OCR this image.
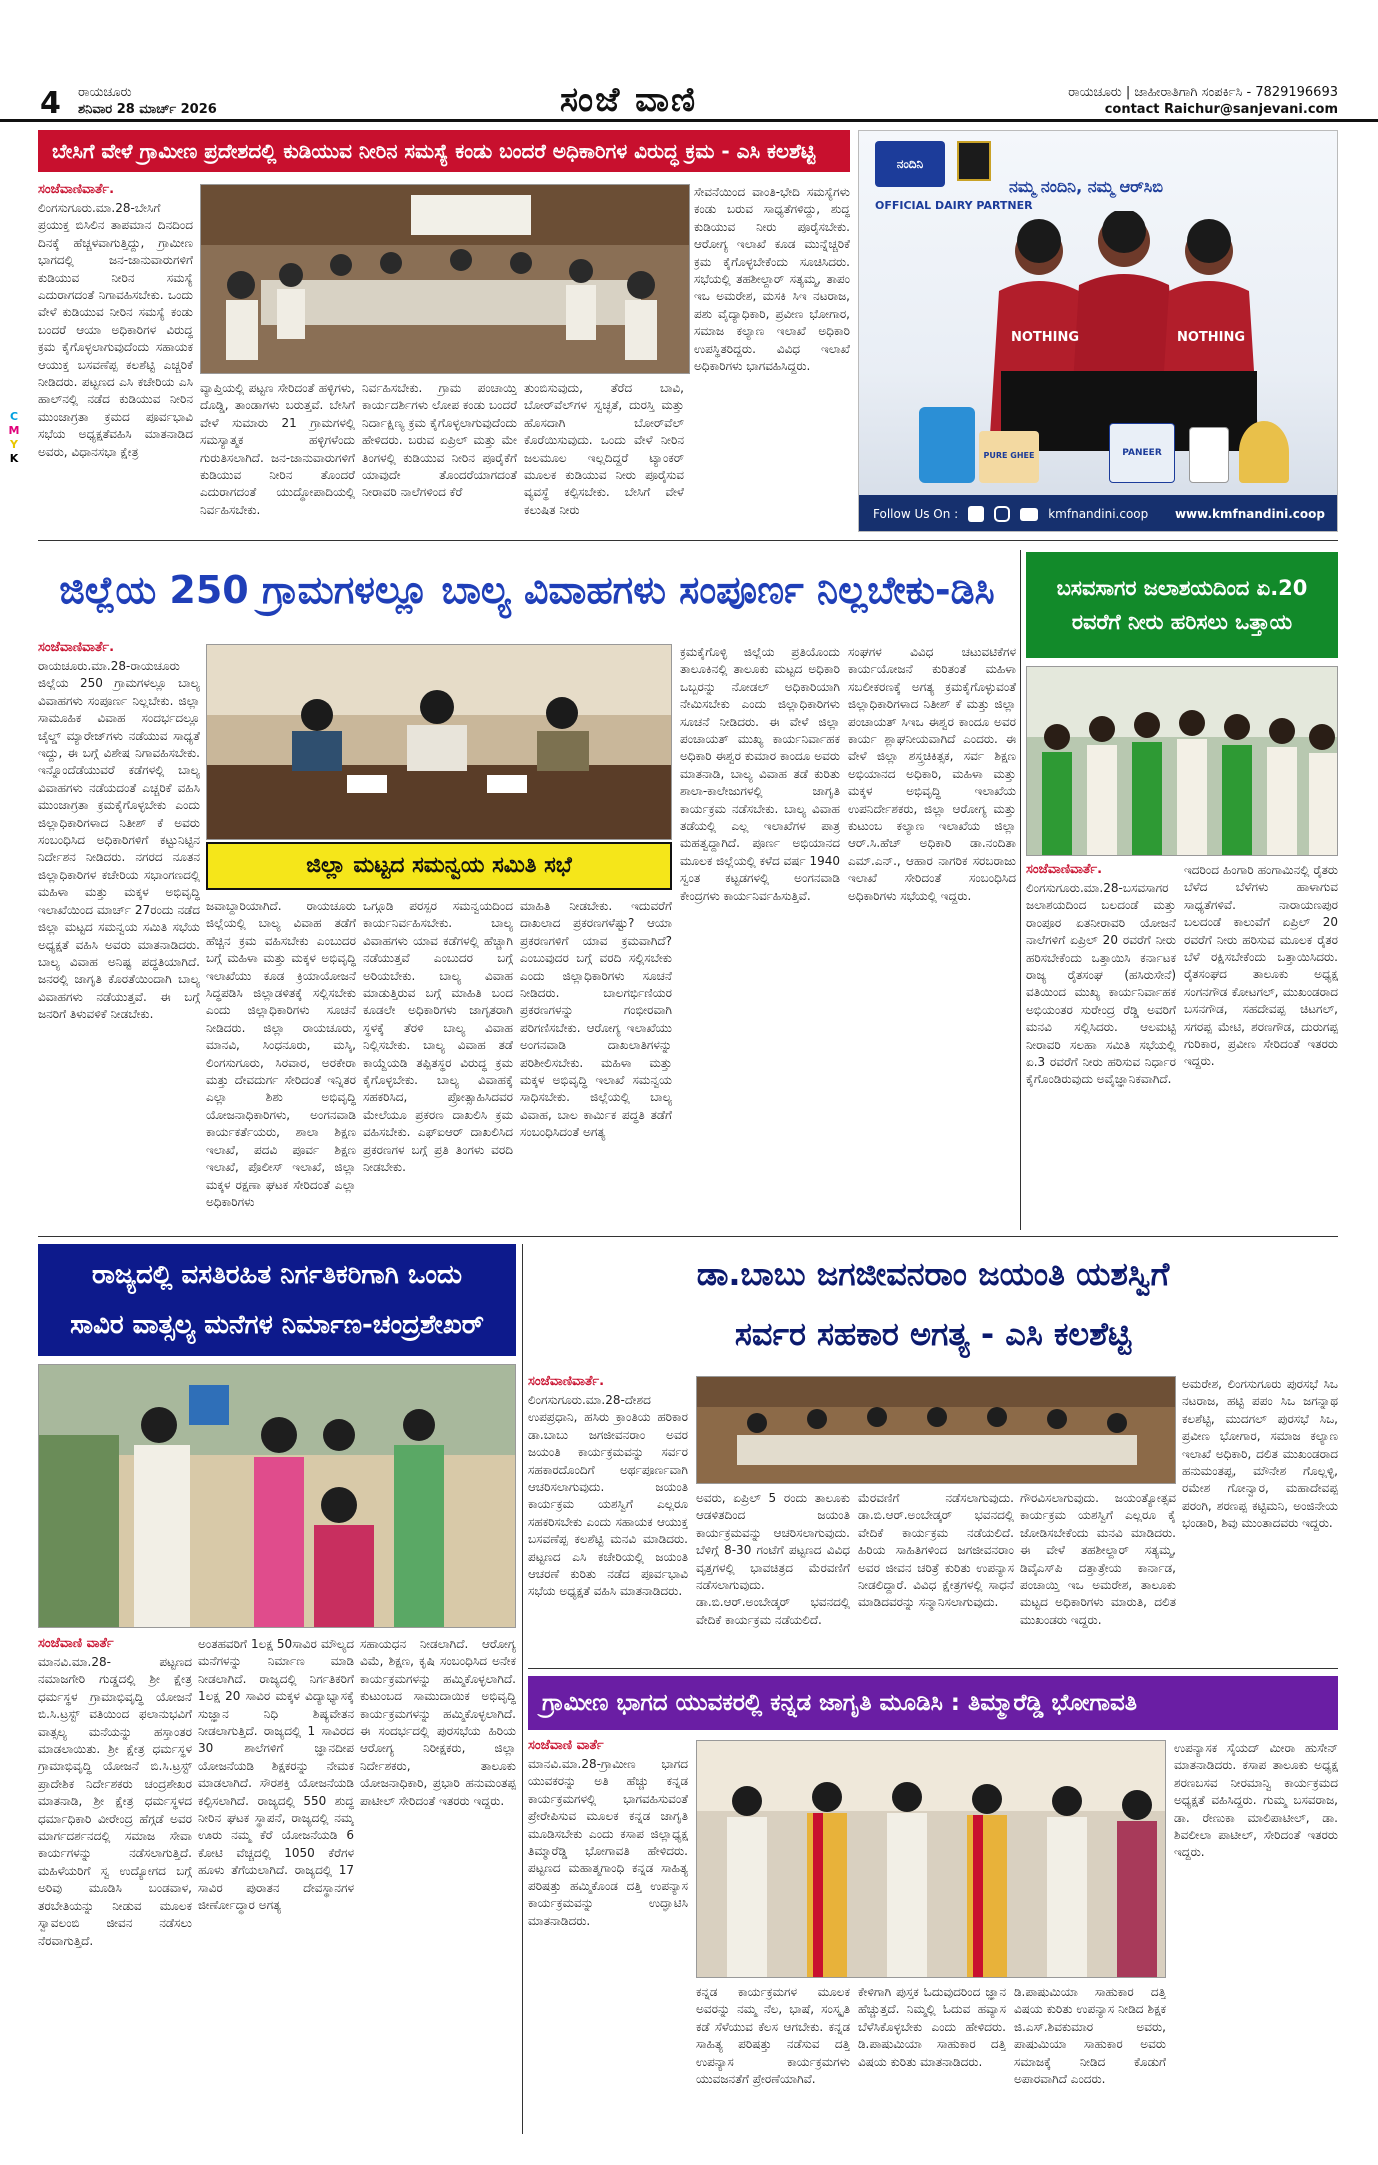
4 ರಾಯಚೂರು
ಶನಿವಾರ 28 ಮಾರ್ಚ್ 2026	ಸಂಜೆ ವಾಣಿ	ರಾಯಚೂರು | ಜಾಹೀರಾತಿಗಾಗಿ ಸಂಪರ್ಕಿಸಿ - 7829196693
contact Raichur@sanjevani.com
C
M
Y
K
ಬೇಸಿಗೆ ವೇಳೆ ಗ್ರಾಮೀಣ ಪ್ರದೇಶದಲ್ಲಿ ಕುಡಿಯುವ ನೀರಿನ ಸಮಸ್ಯೆ ಕಂಡು ಬಂದರೆ ಅಧಿಕಾರಿಗಳ ವಿರುದ್ಧ ಕ್ರಮ - ಎಸಿ ಕಲಶೆಟ್ಟಿ
ಸಂಜೆವಾಣಿವಾರ್ತೆ.
ಲಿಂಗಸುಗೂರು.ಮಾ.28-ಬೇಸಿಗೆ ಪ್ರಯುಕ್ತ ಬಿಸಿಲಿನ ತಾಪಮಾನ ದಿನದಿಂದ ದಿನಕ್ಕೆ ಹೆಚ್ಚಳವಾಗುತ್ತಿದ್ದು, ಗ್ರಾಮೀಣ ಭಾಗದಲ್ಲಿ ಜನ-ಜಾನುವಾರುಗಳಿಗೆ ಕುಡಿಯುವ ನೀರಿನ ಸಮಸ್ಯೆ ಎದುರಾಗದಂತೆ ನಿಗಾವಹಿಸಬೇಕು. ಒಂದು ವೇಳೆ ಕುಡಿಯುವ ನೀರಿನ ಸಮಸ್ಯೆ ಕಂಡು ಬಂದರೆ ಆಯಾ ಅಧಿಕಾರಿಗಳ ವಿರುದ್ಧ ಕ್ರಮ ಕೈಗೊಳ್ಳಲಾಗುವುದೆಂದು ಸಹಾಯಕ ಆಯುಕ್ತ ಬಸವಣೆಪ್ಪ ಕಲಶೆಟ್ಟಿ ಎಚ್ಚರಿಕೆ ನೀಡಿದರು. ಪಟ್ಟಣದ ಎಸಿ ಕಚೇರಿಯ ಎಸಿ ಹಾಲ್‌ನಲ್ಲಿ ನಡೆದ ಕುಡಿಯುವ ನೀರಿನ ಮುಂಜಾಗ್ರತಾ ಕ್ರಮದ ಪೂರ್ವಭಾವಿ ಸಭೆಯ ಅಧ್ಯಕ್ಷತೆವಹಿಸಿ ಮಾತನಾಡಿದ ಅವರು, ವಿಧಾನಸಭಾ ಕ್ಷೇತ್ರ
ವ್ಯಾಪ್ತಿಯಲ್ಲಿ ಪಟ್ಟಣ ಸೇರಿದಂತೆ ಹಳ್ಳಿಗಳು, ದೊಡ್ಡಿ, ತಾಂಡಾಗಳು ಬರುತ್ತವೆ. ಬೇಸಿಗೆ ವೇಳೆ ಸುಮಾರು 21 ಗ್ರಾಮಗಳಲ್ಲಿ ಸಮಸ್ಯಾತ್ಮಕ ಹಳ್ಳಿಗಳೆಂದು ಗುರುತಿಸಲಾಗಿದೆ. ಜನ-ಜಾನುವಾರುಗಳಿಗೆ ಕುಡಿಯುವ ನೀರಿನ ತೊಂದರೆ ಎದುರಾಗದಂತೆ ಯುದ್ಧೋಪಾದಿಯಲ್ಲಿ ನಿರ್ವಹಿಸಬೇಕು.
ನಿರ್ವಹಿಸಬೇಕು. ಗ್ರಾಮ ಪಂಚಾಯ್ತಿ ಕಾರ್ಯದರ್ಶಿಗಳು ಲೋಪ ಕಂಡು ಬಂದರೆ ನಿರ್ದಾಕ್ಷಿಣ್ಯ ಕ್ರಮ ಕೈಗೊಳ್ಳಲಾಗುವುದೆಂದು ಹೇಳಿದರು. ಬರುವ ಏಪ್ರಿಲ್ ಮತ್ತು ಮೇ ತಿಂಗಳಲ್ಲಿ ಕುಡಿಯುವ ನೀರಿನ ಪೂರೈಕೆಗೆ ಯಾವುದೇ ತೊಂದರೆಯಾಗದಂತೆ ನೀರಾವರಿ ನಾಲೆಗಳಿಂದ ಕೆರೆ
ತುಂಬಿಸುವುದು, ತೆರೆದ ಬಾವಿ, ಬೋರ್‌ವೆಲ್‌ಗಳ ಸ್ವಚ್ಛತೆ, ದುರಸ್ತಿ ಮತ್ತು ಹೊಸದಾಗಿ ಬೋರ್‌ವೆಲ್ ಕೊರೆಯಿಸುವುದು. ಒಂದು ವೇಳೆ ನೀರಿನ ಜಲಮೂಲ ಇಲ್ಲದಿದ್ದರೆ ಟ್ಯಾಂಕರ್ ಮೂಲಕ ಕುಡಿಯುವ ನೀರು ಪೂರೈಸುವ ವ್ಯವಸ್ಥೆ ಕಲ್ಪಿಸಬೇಕು. ಬೇಸಿಗೆ ವೇಳೆ ಕಲುಷಿತ ನೀರು
ಸೇವನೆಯಿಂದ ವಾಂತಿ-ಭೇದಿ ಸಮಸ್ಯೆಗಳು ಕಂಡು ಬರುವ ಸಾಧ್ಯತೆಗಳಿದ್ದು, ಶುದ್ಧ ಕುಡಿಯುವ ನೀರು ಪೂರೈಸಬೇಕು. ಆರೋಗ್ಯ ಇಲಾಖೆ ಕೂಡ ಮುನ್ನೆಚ್ಚರಿಕೆ ಕ್ರಮ ಕೈಗೊಳ್ಳಬೇಕೆಂದು ಸೂಚಿಸಿದರು. ಸಭೆಯಲ್ಲಿ ತಹಶೀಲ್ದಾರ್ ಸತ್ಯಮ್ಮ, ತಾಪಂ ಇಒ ಅಮರೇಶ, ಮಸಕಿ ಸಿಇ ನಟರಾಜ, ಪಶು ವೈದ್ಯಾಧಿಕಾರಿ, ಪ್ರವೀಣ ಭೋಗಾರ, ಸಮಾಜ ಕಲ್ಯಾಣ ಇಲಾಖೆ ಅಧಿಕಾರಿ ಉಪಸ್ಥಿತರಿದ್ದರು. ವಿವಿಧ ಇಲಾಖೆ ಅಧಿಕಾರಿಗಳು ಭಾಗವಹಿಸಿದ್ದರು.
ನಂದಿನಿ
OFFICIAL DAIRY PARTNER
ನಮ್ಮ ನಂದಿನಿ, ನಮ್ಮ ಆರ್‌ಸಿಬಿ
NOTHING	NOTHING
PURE GHEE	PANEER
Follow Us On :	kmfnandini.coop www.kmfnandini.coop
ಜಿಲ್ಲೆಯ 250 ಗ್ರಾಮಗಳಲ್ಲೂ ಬಾಲ್ಯ ವಿವಾಹಗಳು ಸಂಪೂರ್ಣ ನಿಲ್ಲಬೇಕು-ಡಿಸಿ
ಸಂಜೆವಾಣಿವಾರ್ತೆ.
ರಾಯಚೂರು.ಮಾ.28-ರಾಯಚೂರು ಜಿಲ್ಲೆಯ 250 ಗ್ರಾಮಗಳಲ್ಲೂ ಬಾಲ್ಯ ವಿವಾಹಗಳು ಸಂಪೂರ್ಣ ನಿಲ್ಲಬೇಕು. ಜಿಲ್ಲಾ ಸಾಮೂಹಿಕ ವಿವಾಹ ಸಂದರ್ಭದಲ್ಲೂ ಚೈಲ್ಡ್ ಮ್ಯಾರೇಜ್‌ಗಳು ನಡೆಯುವ ಸಾಧ್ಯತೆ ಇದ್ದು, ಈ ಬಗ್ಗೆ ವಿಶೇಷ ನಿಗಾವಹಿಸಬೇಕು. ಇನ್ನೊಂದೆಡೆಯುವರೆ ಕಡೆಗಳಲ್ಲಿ ಬಾಲ್ಯ ವಿವಾಹಗಳು ನಡೆಯದಂತೆ ಎಚ್ಚರಿಕೆ ವಹಿಸಿ ಮುಂಜಾಗ್ರತಾ ಕ್ರಮಕೈಗೊಳ್ಳಬೇಕು ಎಂದು ಜಿಲ್ಲಾಧಿಕಾರಿಗಳಾದ ನಿತೀಶ್ ಕೆ ಅವರು ಸಂಬಂಧಿಸಿದ ಅಧಿಕಾರಿಗಳಿಗೆ ಕಟ್ಟುನಿಟ್ಟಿನ ನಿರ್ದೇಶನ ನೀಡಿದರು. ನಗರದ ನೂತನ ಜಿಲ್ಲಾಧಿಕಾರಿಗಳ ಕಚೇರಿಯ ಸಭಾಂಗಣದಲ್ಲಿ ಮಹಿಳಾ ಮತ್ತು ಮಕ್ಕಳ ಅಭಿವೃದ್ಧಿ ಇಲಾಖೆಯಿಂದ ಮಾರ್ಚ್ 27ರಂದು ನಡೆದ ಜಿಲ್ಲಾ ಮಟ್ಟದ ಸಮನ್ವಯ ಸಮಿತಿ ಸಭೆಯ ಅಧ್ಯಕ್ಷತೆ ವಹಿಸಿ ಅವರು ಮಾತನಾಡಿದರು. ಬಾಲ್ಯ ವಿವಾಹ ಅನಿಷ್ಟ ಪದ್ಧತಿಯಾಗಿದೆ. ಜನರಲ್ಲಿ ಜಾಗೃತಿ ಕೊರತೆಯಿಂದಾಗಿ ಬಾಲ್ಯ ವಿವಾಹಗಳು ನಡೆಯುತ್ತವೆ. ಈ ಬಗ್ಗೆ ಜನರಿಗೆ ತಿಳುವಳಿಕೆ ನೀಡಬೇಕು.
ಜಿಲ್ಲಾ ಮಟ್ಟದ ಸಮನ್ವಯ ಸಮಿತಿ ಸಭೆ
ಜವಾಬ್ದಾರಿಯಾಗಿದೆ. ರಾಯಚೂರು ಜಿಲ್ಲೆಯಲ್ಲಿ ಬಾಲ್ಯ ವಿವಾಹ ತಡೆಗೆ ಹೆಚ್ಚಿನ ಕ್ರಮ ವಹಿಸಬೇಕು ಎಂಬುದರ ಬಗ್ಗೆ ಮಹಿಳಾ ಮತ್ತು ಮಕ್ಕಳ ಅಭಿವೃದ್ಧಿ ಇಲಾಖೆಯು ಕೂಡ ಕ್ರಿಯಾಯೋಜನೆ ಸಿದ್ಧಪಡಿಸಿ ಜಿಲ್ಲಾಡಳಿತಕ್ಕೆ ಸಲ್ಲಿಸಬೇಕು ಎಂದು ಜಿಲ್ಲಾಧಿಕಾರಿಗಳು ಸೂಚನೆ ನೀಡಿದರು. ಜಿಲ್ಲಾ ರಾಯಚೂರು, ಮಾನವಿ, ಸಿಂಧನೂರು, ಮಸ್ಕಿ, ಲಿಂಗಸುಗೂರು, ಸಿರವಾರ, ಅರಕೇರಾ ಮತ್ತು ದೇವದುರ್ಗ ಸೇರಿದಂತೆ ಇನ್ನಿತರ ಎಲ್ಲಾ ಶಿಶು ಅಭಿವೃದ್ಧಿ ಯೋಜನಾಧಿಕಾರಿಗಳು, ಅಂಗನವಾಡಿ ಕಾರ್ಯಕರ್ತೆಯರು, ಶಾಲಾ ಶಿಕ್ಷಣ ಇಲಾಖೆ, ಪದವಿ ಪೂರ್ವ ಶಿಕ್ಷಣ ಇಲಾಖೆ, ಪೊಲೀಸ್ ಇಲಾಖೆ, ಜಿಲ್ಲಾ ಮಕ್ಕಳ ರಕ್ಷಣಾ ಘಟಕ ಸೇರಿದಂತೆ ಎಲ್ಲಾ ಅಧಿಕಾರಿಗಳು
ಒಗ್ಗೂಡಿ ಪರಸ್ಪರ ಸಮನ್ವಯದಿಂದ ಕಾರ್ಯನಿರ್ವಹಿಸಬೇಕು. ಬಾಲ್ಯ ವಿವಾಹಗಳು ಯಾವ ಕಡೆಗಳಲ್ಲಿ ಹೆಚ್ಚಾಗಿ ನಡೆಯುತ್ತವೆ ಎಂಬುದರ ಬಗ್ಗೆ ಅರಿಯಬೇಕು. ಬಾಲ್ಯ ವಿವಾಹ ಮಾಡುತ್ತಿರುವ ಬಗ್ಗೆ ಮಾಹಿತಿ ಬಂದ ಕೂಡಲೇ ಅಧಿಕಾರಿಗಳು ಜಾಗೃತರಾಗಿ ಸ್ಥಳಕ್ಕೆ ತೆರಳಿ ಬಾಲ್ಯ ವಿವಾಹ ನಿಲ್ಲಿಸಬೇಕು. ಬಾಲ್ಯ ವಿವಾಹ ತಡೆ ಕಾಯ್ದೆಯಡಿ ತಪ್ಪಿತಸ್ಥರ ವಿರುದ್ಧ ಕ್ರಮ ಕೈಗೊಳ್ಳಬೇಕು. ಬಾಲ್ಯ ವಿವಾಹಕ್ಕೆ ಸಹಕರಿಸಿದ, ಪ್ರೋತ್ಸಾಹಿಸಿದವರ ಮೇಲೆಯೂ ಪ್ರಕರಣ ದಾಖಲಿಸಿ ಕ್ರಮ ವಹಿಸಬೇಕು. ಎಫ್‌ಐಆರ್ ದಾಖಲಿಸಿದ ಪ್ರಕರಣಗಳ ಬಗ್ಗೆ ಪ್ರತಿ ತಿಂಗಳು ವರದಿ ನೀಡಬೇಕು.
ಮಾಹಿತಿ ನೀಡಬೇಕು. ಇದುವರೆಗೆ ದಾಖಲಾದ ಪ್ರಕರಣಗಳೆಷ್ಟು? ಆಯಾ ಪ್ರಕರಣಗಳಿಗೆ ಯಾವ ಕ್ರಮವಾಗಿದೆ? ಎಂಬುವುದರ ಬಗ್ಗೆ ವರದಿ ಸಲ್ಲಿಸಬೇಕು ಎಂದು ಜಿಲ್ಲಾಧಿಕಾರಿಗಳು ಸೂಚನೆ ನೀಡಿದರು. ಬಾಲಗರ್ಭಿಣಿಯರ ಪ್ರಕರಣಗಳನ್ನು ಗಂಭೀರವಾಗಿ ಪರಿಗಣಿಸಬೇಕು. ಆರೋಗ್ಯ ಇಲಾಖೆಯು ಅಂಗನವಾಡಿ ದಾಖಲಾತಿಗಳನ್ನು ಪರಿಶೀಲಿಸಬೇಕು. ಮಹಿಳಾ ಮತ್ತು ಮಕ್ಕಳ ಅಭಿವೃದ್ಧಿ ಇಲಾಖೆ ಸಮನ್ವಯ ಸಾಧಿಸಬೇಕು. ಜಿಲ್ಲೆಯಲ್ಲಿ ಬಾಲ್ಯ ವಿವಾಹ, ಬಾಲ ಕಾರ್ಮಿಕ ಪದ್ಧತಿ ತಡೆಗೆ ಸಂಬಂಧಿಸಿದಂತೆ ಅಗತ್ಯ
ಕ್ರಮಕೈಗೊಳ್ಳಿ ಜಿಲ್ಲೆಯ ಪ್ರತಿಯೊಂದು ತಾಲೂಕಿನಲ್ಲಿ ತಾಲೂಕು ಮಟ್ಟದ ಅಧಿಕಾರಿ ಒಬ್ಬರನ್ನು ನೋಡಲ್ ಅಧಿಕಾರಿಯಾಗಿ ನೇಮಿಸಬೇಕು ಎಂದು ಜಿಲ್ಲಾಧಿಕಾರಿಗಳು ಸೂಚನೆ ನೀಡಿದರು. ಈ ವೇಳೆ ಜಿಲ್ಲಾ ಪಂಚಾಯತ್ ಮುಖ್ಯ ಕಾರ್ಯನಿರ್ವಾಹಕ ಅಧಿಕಾರಿ ಈಶ್ವರ ಕುಮಾರ ಕಾಂದೂ ಅವರು ಮಾತನಾಡಿ, ಬಾಲ್ಯ ವಿವಾಹ ತಡೆ ಕುರಿತು ಶಾಲಾ-ಕಾಲೇಜುಗಳಲ್ಲಿ ಜಾಗೃತಿ ಕಾರ್ಯಕ್ರಮ ನಡೆಸಬೇಕು. ಬಾಲ್ಯ ವಿವಾಹ ತಡೆಯಲ್ಲಿ ಎಲ್ಲ ಇಲಾಖೆಗಳ ಪಾತ್ರ ಮಹತ್ವದ್ದಾಗಿದೆ. ಪೂರ್ಣ ಅಭಿಯಾನದ ಮೂಲಕ ಜಿಲ್ಲೆಯಲ್ಲಿ ಕಳೆದ ವರ್ಷ 1940 ಸ್ವಂತ ಕಟ್ಟಡಗಳಲ್ಲಿ ಅಂಗನವಾಡಿ ಕೇಂದ್ರಗಳು ಕಾರ್ಯನಿರ್ವಹಿಸುತ್ತಿವೆ.
ಸಂಘಗಳ ವಿವಿಧ ಚಟುವಟಿಕೆಗಳ ಕಾರ್ಯಯೋಜನೆ ಕುರಿತಂತೆ ಮಹಿಳಾ ಸಬಲೀಕರಣಕ್ಕೆ ಅಗತ್ಯ ಕ್ರಮಕೈಗೊಳ್ಳುವಂತೆ ಜಿಲ್ಲಾಧಿಕಾರಿಗಳಾದ ನಿತೀಶ್ ಕೆ ಮತ್ತು ಜಿಲ್ಲಾ ಪಂಚಾಯತ್ ಸಿಇಒ ಈಶ್ವರ ಕಾಂದೂ ಅವರ ಕಾರ್ಯ ಶ್ಲಾಘನೀಯವಾಗಿದೆ ಎಂದರು. ಈ ವೇಳೆ ಜಿಲ್ಲಾ ಶಸ್ತ್ರಚಿಕಿತ್ಸಕ, ಸರ್ವ ಶಿಕ್ಷಣ ಅಭಿಯಾನದ ಅಧಿಕಾರಿ, ಮಹಿಳಾ ಮತ್ತು ಮಕ್ಕಳ ಅಭಿವೃದ್ಧಿ ಇಲಾಖೆಯ ಉಪನಿರ್ದೇಶಕರು, ಜಿಲ್ಲಾ ಆರೋಗ್ಯ ಮತ್ತು ಕುಟುಂಬ ಕಲ್ಯಾಣ ಇಲಾಖೆಯ ಜಿಲ್ಲಾ ಆರ್.ಸಿ.ಹೆಚ್ ಅಧಿಕಾರಿ ಡಾ.ನಂದಿತಾ ಎಮ್.ಎನ್., ಆಹಾರ ನಾಗರಿಕ ಸರಬರಾಜು ಇಲಾಖೆ ಸೇರಿದಂತೆ ಸಂಬಂಧಿಸಿದ ಅಧಿಕಾರಿಗಳು ಸಭೆಯಲ್ಲಿ ಇದ್ದರು.
ಬಸವಸಾಗರ ಜಲಾಶಯದಿಂದ ಏ.20 ರವರೆಗೆ ನೀರು ಹರಿಸಲು ಒತ್ತಾಯ
ಸಂಜೆವಾಣಿವಾರ್ತೆ.
ಲಿಂಗಸುಗೂರು.ಮಾ.28-ಬಸವಸಾಗರ ಜಲಾಶಯದಿಂದ ಬಲದಂಡೆ ಮತ್ತು ರಾಂಪೂರ ಏತನೀರಾವರಿ ಯೋಜನೆ ನಾಲೆಗಳಿಗೆ ಏಪ್ರಿಲ್ 20 ರವರೆಗೆ ನೀರು ಹರಿಸಬೇಕೆಂದು ಒತ್ತಾಯಿಸಿ ಕರ್ನಾಟಕ ರಾಜ್ಯ ರೈತಸಂಘ (ಹಸಿರುಸೇನೆ) ವತಿಯಿಂದ ಮುಖ್ಯ ಕಾರ್ಯನಿರ್ವಾಹಕ ಅಭಿಯಂತರ ಸುರೇಂದ್ರ ರೆಡ್ಡಿ ಅವರಿಗೆ ಮನವಿ ಸಲ್ಲಿಸಿದರು. ಆಲಮಟ್ಟಿ ನೀರಾವರಿ ಸಲಹಾ ಸಮಿತಿ ಸಭೆಯಲ್ಲಿ ಏ.3 ರವರೆಗೆ ನೀರು ಹರಿಸುವ ನಿರ್ಧಾರ ಕೈಗೊಂಡಿರುವುದು ಅವೈಜ್ಞಾನಿಕವಾಗಿದೆ.
ಇದರಿಂದ ಹಿಂಗಾರಿ ಹಂಗಾಮಿನಲ್ಲಿ ರೈತರು ಬೆಳೆದ ಬೆಳೆಗಳು ಹಾಳಾಗುವ ಸಾಧ್ಯತೆಗಳಿವೆ. ನಾರಾಯಣಪುರ ಬಲದಂಡೆ ಕಾಲುವೆಗೆ ಏಪ್ರಿಲ್ 20 ರವರೆಗೆ ನೀರು ಹರಿಸುವ ಮೂಲಕ ರೈತರ ಬೆಳೆ ರಕ್ಷಿಸಬೇಕೆಂದು ಒತ್ತಾಯಿಸಿದರು. ರೈತಸಂಘದ ತಾಲೂಕು ಅಧ್ಯಕ್ಷ ಸಂಗನಗೌಡ ಕೋಟಗಲ್, ಮುಖಂಡರಾದ ಬಸನಗೌಡ, ಸಹದೇವಪ್ಪ ಚಿಟಗಲ್, ಸಗರಪ್ಪ ಮೇಟಿ, ಶರಣಗೌಡ, ದುರುಗಪ್ಪ ಗುರಿಕಾರ, ಪ್ರವೀಣ ಸೇರಿದಂತೆ ಇತರರು ಇದ್ದರು.
ರಾಜ್ಯದಲ್ಲಿ ವಸತಿರಹಿತ ನಿರ್ಗತಿಕರಿಗಾಗಿ ಒಂದು
ಸಾವಿರ ವಾತ್ಸಲ್ಯ ಮನೆಗಳ ನಿರ್ಮಾಣ-ಚಂದ್ರಶೇಖರ್
ಸಂಜೆವಾಣಿ ವಾರ್ತೆ
ಮಾನವಿ.ಮಾ.28- ಪಟ್ಟಣದ ನಮಾಜಗೇರಿ ಗುಡ್ಡದಲ್ಲಿ ಶ್ರೀ ಕ್ಷೇತ್ರ ಧರ್ಮಸ್ಥಳ ಗ್ರಾಮಾಭಿವೃದ್ಧಿ ಯೋಜನೆ ಬಿ.ಸಿ.ಟ್ರಸ್ಟ್ ವತಿಯಿಂದ ಫಲಾನುಭವಿಗೆ ವಾತ್ಸಲ್ಯ ಮನೆಯನ್ನು ಹಸ್ತಾಂತರ ಮಾಡಲಾಯಿತು. ಶ್ರೀ ಕ್ಷೇತ್ರ ಧರ್ಮಸ್ಥಳ ಗ್ರಾಮಾಭಿವೃದ್ಧಿ ಯೋಜನೆ ಬಿ.ಸಿ.ಟ್ರಸ್ಟ್ ಪ್ರಾದೇಶಿಕ ನಿರ್ದೇಶಕರು ಚಂದ್ರಶೇಖರ ಮಾತನಾಡಿ, ಶ್ರೀ ಕ್ಷೇತ್ರ ಧರ್ಮಸ್ಥಳದ ಧರ್ಮಾಧಿಕಾರಿ ವೀರೇಂದ್ರ ಹೆಗ್ಗಡೆ ಅವರ ಮಾರ್ಗದರ್ಶನದಲ್ಲಿ ಸಮಾಜ ಸೇವಾ ಕಾರ್ಯಗಳನ್ನು ನಡೆಸಲಾಗುತ್ತಿದೆ. ಮಹಿಳೆಯರಿಗೆ ಸ್ವ ಉದ್ಯೋಗದ ಬಗ್ಗೆ ಅರಿವು ಮೂಡಿಸಿ ಬಂಡವಾಳ, ತರಬೇತಿಯನ್ನು ನೀಡುವ ಮೂಲಕ ಸ್ವಾವಲಂಬಿ ಜೀವನ ನಡೆಸಲು ನೆರವಾಗುತ್ತಿದೆ.
ಅಂತಹವರಿಗೆ 1ಲಕ್ಷ 50ಸಾವಿರ ಮೌಲ್ಯದ ಮನೆಗಳನ್ನು ನಿರ್ಮಾಣ ಮಾಡಿ ನೀಡಲಾಗಿದೆ. ರಾಜ್ಯದಲ್ಲಿ ನಿರ್ಗತಿಕರಿಗೆ 1ಲಕ್ಷ 20 ಸಾವಿರ ಮಕ್ಕಳ ವಿದ್ಯಾಭ್ಯಾಸಕ್ಕೆ ಸುಜ್ಞಾನ ನಿಧಿ ಶಿಷ್ಯವೇತನ ನೀಡಲಾಗುತ್ತಿದೆ. ರಾಜ್ಯದಲ್ಲಿ 1 ಸಾವಿರದ 30 ಶಾಲೆಗಳಿಗೆ ಜ್ಞಾನದೀಪ ಯೋಜನೆಯಡಿ ಶಿಕ್ಷಕರನ್ನು ನೇಮಕ ಮಾಡಲಾಗಿದೆ. ಸೌರಶಕ್ತಿ ಯೋಜನೆಯಡಿ ಕಲ್ಪಿಸಲಾಗಿದೆ. ರಾಜ್ಯದಲ್ಲಿ 550 ಶುದ್ಧ ನೀರಿನ ಘಟಕ ಸ್ಥಾಪನೆ, ರಾಜ್ಯದಲ್ಲಿ ನಮ್ಮ ಊರು ನಮ್ಮ ಕೆರೆ ಯೋಜನೆಯಡಿ 6 ಕೋಟಿ ವೆಚ್ಚದಲ್ಲಿ 1050 ಕೆರೆಗಳ ಹೂಳು ತೆಗೆಯಲಾಗಿದೆ. ರಾಜ್ಯದಲ್ಲಿ 17 ಸಾವಿರ ಪುರಾತನ ದೇವಸ್ಥಾನಗಳ ಜೀರ್ಣೋದ್ಧಾರ ಅಗತ್ಯ
ಸಹಾಯಧನ ನೀಡಲಾಗಿದೆ. ಆರೋಗ್ಯ ವಿಮೆ, ಶಿಕ್ಷಣ, ಕೃಷಿ ಸಂಬಂಧಿಸಿದ ಅನೇಕ ಕಾರ್ಯಕ್ರಮಗಳನ್ನು ಹಮ್ಮಿಕೊಳ್ಳಲಾಗಿದೆ. ಕುಟುಂಬದ ಸಾಮುದಾಯಿಕ ಅಭಿವೃದ್ಧಿ ಕಾರ್ಯಕ್ರಮಗಳನ್ನು ಹಮ್ಮಿಕೊಳ್ಳಲಾಗಿದೆ. ಈ ಸಂದರ್ಭದಲ್ಲಿ ಪುರಸಭೆಯ ಹಿರಿಯ ಆರೋಗ್ಯ ನಿರೀಕ್ಷಕರು, ಜಿಲ್ಲಾ ನಿರ್ದೇಶಕರು, ತಾಲೂಕು ಯೋಜನಾಧಿಕಾರಿ, ಪ್ರಭಾರಿ ಹನುಮಂತಪ್ಪ ಪಾಟೀಲ್ ಸೇರಿದಂತೆ ಇತರರು ಇದ್ದರು.
ಡಾ.ಬಾಬು ಜಗಜೀವನರಾಂ ಜಯಂತಿ ಯಶಸ್ವಿಗೆ
ಸರ್ವರ ಸಹಕಾರ ಅಗತ್ಯ - ಎಸಿ ಕಲಶೆಟ್ಟಿ
ಸಂಜೆವಾಣಿವಾರ್ತೆ.
ಲಿಂಗಸುಗೂರು.ಮಾ.28-ದೇಶದ ಉಪಪ್ರಧಾನಿ, ಹಸಿರು ಕ್ರಾಂತಿಯ ಹರಿಕಾರ ಡಾ.ಬಾಬು ಜಗಜೀವನರಾಂ ಅವರ ಜಯಂತಿ ಕಾರ್ಯಕ್ರಮವನ್ನು ಸರ್ವರ ಸಹಕಾರದೊಂದಿಗೆ ಅರ್ಥಪೂರ್ಣವಾಗಿ ಆಚರಿಸಲಾಗುವುದು. ಜಯಂತಿ ಕಾರ್ಯಕ್ರಮ ಯಶಸ್ವಿಗೆ ಎಲ್ಲರೂ ಸಹಕರಿಸಬೇಕು ಎಂದು ಸಹಾಯಕ ಆಯುಕ್ತ ಬಸವಣೆಪ್ಪ ಕಲಶೆಟ್ಟಿ ಮನವಿ ಮಾಡಿದರು. ಪಟ್ಟಣದ ಎಸಿ ಕಚೇರಿಯಲ್ಲಿ ಜಯಂತಿ ಆಚರಣೆ ಕುರಿತು ನಡೆದ ಪೂರ್ವಭಾವಿ ಸಭೆಯ ಅಧ್ಯಕ್ಷತೆ ವಹಿಸಿ ಮಾತನಾಡಿದರು.
ಅವರು, ಏಪ್ರಿಲ್ 5 ರಂದು ತಾಲೂಕು ಆಡಳಿತದಿಂದ ಜಯಂತಿ ಕಾರ್ಯಕ್ರಮವನ್ನು ಆಚರಿಸಲಾಗುವುದು. ಬೆಳಿಗ್ಗೆ 8-30 ಗಂಟೆಗೆ ಪಟ್ಟಣದ ವಿವಿಧ ವೃತ್ತಗಳಲ್ಲಿ ಭಾವಚಿತ್ರದ ಮೆರವಣಿಗೆ ನಡೆಸಲಾಗುವುದು. ಡಾ.ಬಿ.ಆರ್.ಅಂಬೇಡ್ಕರ್ ಭವನದಲ್ಲಿ ವೇದಿಕೆ ಕಾರ್ಯಕ್ರಮ ನಡೆಯಲಿದೆ.
ಮೆರವಣಿಗೆ ನಡೆಸಲಾಗುವುದು. ಡಾ.ಬಿ.ಆರ್.ಅಂಬೇಡ್ಕರ್ ಭವನದಲ್ಲಿ ವೇದಿಕೆ ಕಾರ್ಯಕ್ರಮ ನಡೆಯಲಿದೆ. ಹಿರಿಯ ಸಾಹಿತಿಗಳಿಂದ ಜಗಜೀವನರಾಂ ಅವರ ಜೀವನ ಚರಿತ್ರೆ ಕುರಿತು ಉಪನ್ಯಾಸ ನೀಡಲಿದ್ದಾರೆ. ವಿವಿಧ ಕ್ಷೇತ್ರಗಳಲ್ಲಿ ಸಾಧನೆ ಮಾಡಿದವರನ್ನು ಸನ್ಮಾನಿಸಲಾಗುವುದು.
ಗೌರವಿಸಲಾಗುವುದು. ಜಯಂತ್ಯೋತ್ಸವ ಕಾರ್ಯಕ್ರಮ ಯಶಸ್ವಿಗೆ ಎಲ್ಲರೂ ಕೈ ಜೋಡಿಸಬೇಕೆಂದು ಮನವಿ ಮಾಡಿದರು. ಈ ವೇಳೆ ತಹಶೀಲ್ದಾರ್ ಸತ್ಯಮ್ಮ, ಡಿವೈಎಸ್‌ಪಿ ದತ್ತಾತ್ರೇಯ ಕಾರ್ನಾಡ, ಪಂಚಾಯ್ತಿ ಇಒ ಅಮರೇಶ, ತಾಲೂಕು ಮಟ್ಟದ ಅಧಿಕಾರಿಗಳು ಮಾರುತಿ, ದಲಿತ ಮುಖಂಡರು ಇದ್ದರು.
ಅಮರೇಶ, ಲಿಂಗಸುಗೂರು ಪುರಸಭೆ ಸಿಒ ನಟರಾಜ, ಹಟ್ಟಿ ಪಪಂ ಸಿಒ ಜಗನ್ನಾಥ ಕಲಶೆಟ್ಟಿ, ಮುದಗಲ್ ಪುರಸಭೆ ಸಿಒ, ಪ್ರವೀಣ ಭೋಗಾರ, ಸಮಾಜ ಕಲ್ಯಾಣ ಇಲಾಖೆ ಅಧಿಕಾರಿ, ದಲಿತ ಮುಖಂಡರಾದ ಹನುಮಂತಪ್ಪ, ಮೌನೇಶ ಗೊಲ್ಲಳ್ಳಿ, ರಮೇಶ ಗೋನ್ವಾರ, ಮಹಾದೇವಪ್ಪ ಪರಂಗಿ, ಶರಣಪ್ಪ ಕಟ್ಟಿಮನಿ, ಅಂಜಿನೇಯ ಭಂಡಾರಿ, ಶಿವು ಮುಂತಾದವರು ಇದ್ದರು.
ಗ್ರಾಮೀಣ ಭಾಗದ ಯುವಕರಲ್ಲಿ ಕನ್ನಡ ಜಾಗೃತಿ ಮೂಡಿಸಿ : ತಿಮ್ಮಾರೆಡ್ಡಿ ಭೋಗಾವತಿ
ಸಂಜೆವಾಣಿ ವಾರ್ತೆ
ಮಾನವಿ.ಮಾ.28-ಗ್ರಾಮೀಣ ಭಾಗದ ಯುವಕರನ್ನು ಅತಿ ಹೆಚ್ಚು ಕನ್ನಡ ಕಾರ್ಯಕ್ರಮಗಳಲ್ಲಿ ಭಾಗವಹಿಸುವಂತೆ ಪ್ರೇರೇಪಿಸುವ ಮೂಲಕ ಕನ್ನಡ ಜಾಗೃತಿ ಮೂಡಿಸಬೇಕು ಎಂದು ಕಸಾಪ ಜಿಲ್ಲಾಧ್ಯಕ್ಷ ತಿಮ್ಮಾರೆಡ್ಡಿ ಭೋಗಾವತಿ ಹೇಳಿದರು. ಪಟ್ಟಣದ ಮಹಾತ್ಮಗಾಂಧಿ ಕನ್ನಡ ಸಾಹಿತ್ಯ ಪರಿಷತ್ತು ಹಮ್ಮಿಕೊಂಡ ದತ್ತಿ ಉಪನ್ಯಾಸ ಕಾರ್ಯಕ್ರಮವನ್ನು ಉದ್ಘಾಟಿಸಿ ಮಾತನಾಡಿದರು.
ಕನ್ನಡ ಕಾರ್ಯಕ್ರಮಗಳ ಮೂಲಕ ಅವರನ್ನು ನಮ್ಮ ನೆಲ, ಭಾಷೆ, ಸಂಸ್ಕೃತಿ ಕಡೆ ಸೆಳೆಯುವ ಕೆಲಸ ಆಗಬೇಕು. ಕನ್ನಡ ಸಾಹಿತ್ಯ ಪರಿಷತ್ತು ನಡೆಸುವ ದತ್ತಿ ಉಪನ್ಯಾಸ ಕಾರ್ಯಕ್ರಮಗಳು ಯುವಜನತೆಗೆ ಪ್ರೇರಣೆಯಾಗಿವೆ.
ಕೇಳಿಗಾಗಿ ಪುಸ್ತಕ ಓದುವುದರಿಂದ ಜ್ಞಾನ ಹೆಚ್ಚುತ್ತದೆ. ನಿಮ್ಮಲ್ಲಿ ಓದುವ ಹವ್ಯಾಸ ಬೆಳೆಸಿಕೊಳ್ಳಬೇಕು ಎಂದು ಹೇಳಿದರು. ಡಿ.ಪಾಷುಮಿಯಾ ಸಾಹುಕಾರ ದತ್ತಿ ವಿಷಯ ಕುರಿತು ಮಾತನಾಡಿದರು.
ಡಿ.ಪಾಷುಮಿಯಾ ಸಾಹುಕಾರ ದತ್ತಿ ವಿಷಯ ಕುರಿತು ಉಪನ್ಯಾಸ ನೀಡಿದ ಶಿಕ್ಷಕ ಜಿ.ಎಸ್.ಶಿವಕುಮಾರ ಅವರು, ಪಾಷುಮಿಯಾ ಸಾಹುಕಾರ ಅವರು ಸಮಾಜಕ್ಕೆ ನೀಡಿದ ಕೊಡುಗೆ ಅಪಾರವಾಗಿದೆ ಎಂದರು.
ಉಪನ್ಯಾಸಕ ಸೈಯದ್ ಮೀರಾ ಹುಸೇನ್ ಮಾತನಾಡಿದರು. ಕಸಾಪ ತಾಲೂಕು ಅಧ್ಯಕ್ಷ ಶರಣಬಸವ ನೀರಮಾನ್ವಿ ಕಾರ್ಯಕ್ರಮದ ಅಧ್ಯಕ್ಷತೆ ವಹಿಸಿದ್ದರು. ಗುಮ್ಮ ಬಸವರಾಜ, ಡಾ. ರೇಣುಕಾ ಮಾಲಿಪಾಟೀಲ್, ಡಾ. ಶಿವಲೀಲಾ ಪಾಟೀಲ್, ಸೇರಿದಂತೆ ಇತರರು ಇದ್ದರು.
